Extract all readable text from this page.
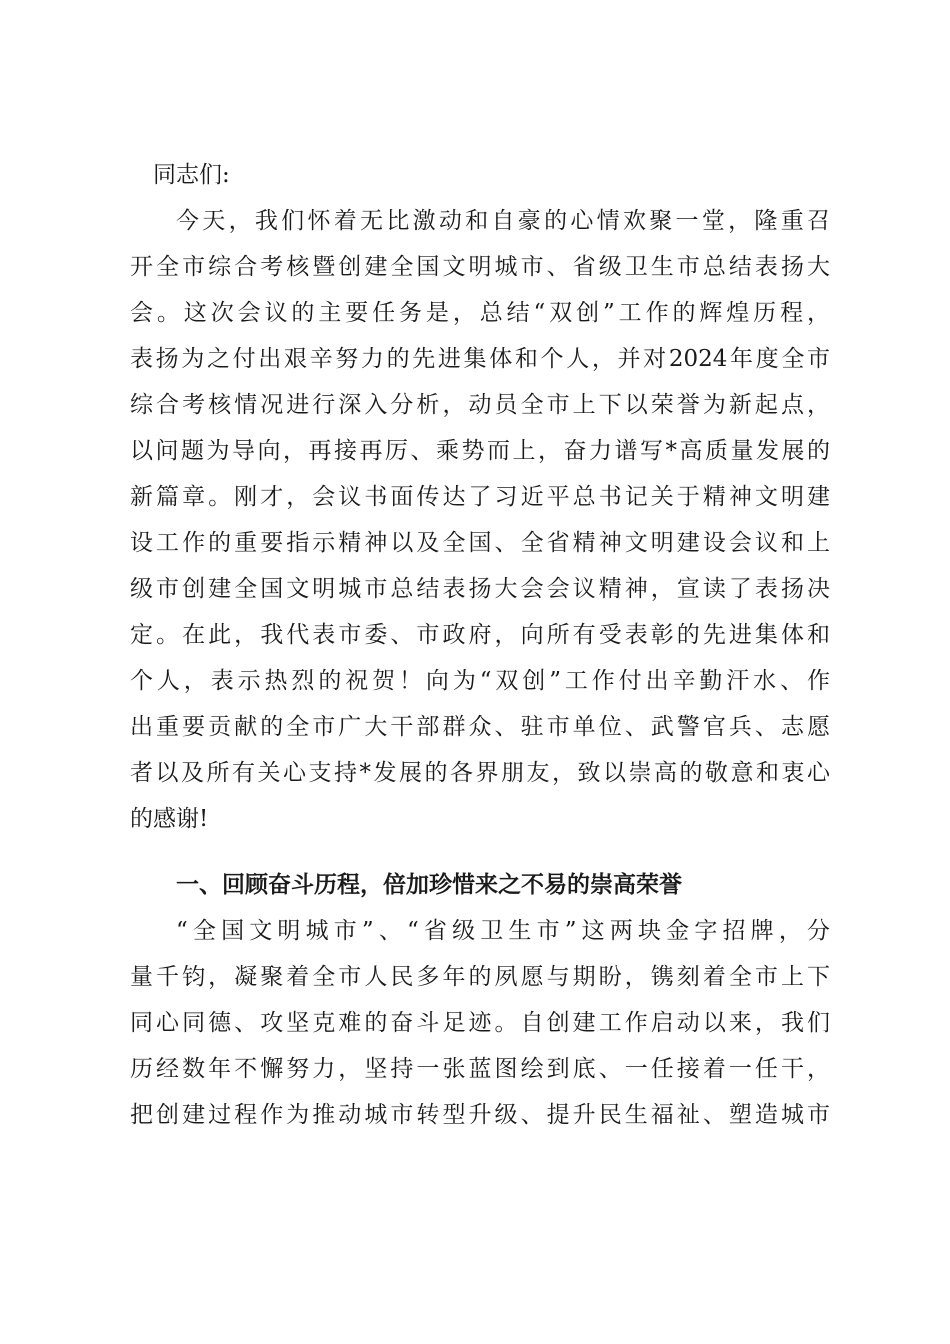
同志们:
今天，我们怀着无比激动和自豪的心情欢聚一堂，隆重召
开全市综合考核暨创建全国文明城市、省级卫生市总结表扬大
会。这次会议的主要任务是，总结“双创”工作的辉煌历程，
表扬为之付出艰辛努力的先进集体和个人，并对2024年度全市
综合考核情况进行深入分析，动员全市上下以荣誉为新起点，
以问题为导向，再接再厉、乘势而上，奋力谱写*高质量发展的
新篇章。刚才，会议书面传达了习近平总书记关于精神文明建
设工作的重要指示精神以及全国、全省精神文明建设会议和上
级市创建全国文明城市总结表扬大会会议精神，宣读了表扬决
定。在此，我代表市委、市政府，向所有受表彰的先进集体和
个人，表示热烈的祝贺！向为“双创”工作付出辛勤汗水、作
出重要贡献的全市广大干部群众、驻市单位、武警官兵、志愿
者以及所有关心支持*发展的各界朋友，致以崇高的敬意和衷心
的感谢!
一、回顾奋斗历程，倍加珍惜来之不易的崇高荣誉
“全国文明城市”、“省级卫生市”这两块金字招牌，分
量千钧，凝聚着全市人民多年的夙愿与期盼，镌刻着全市上下
同心同德、攻坚克难的奋斗足迹。自创建工作启动以来，我们
历经数年不懈努力，坚持一张蓝图绘到底、一任接着一任干，
把创建过程作为推动城市转型升级、提升民生福祉、塑造城市
